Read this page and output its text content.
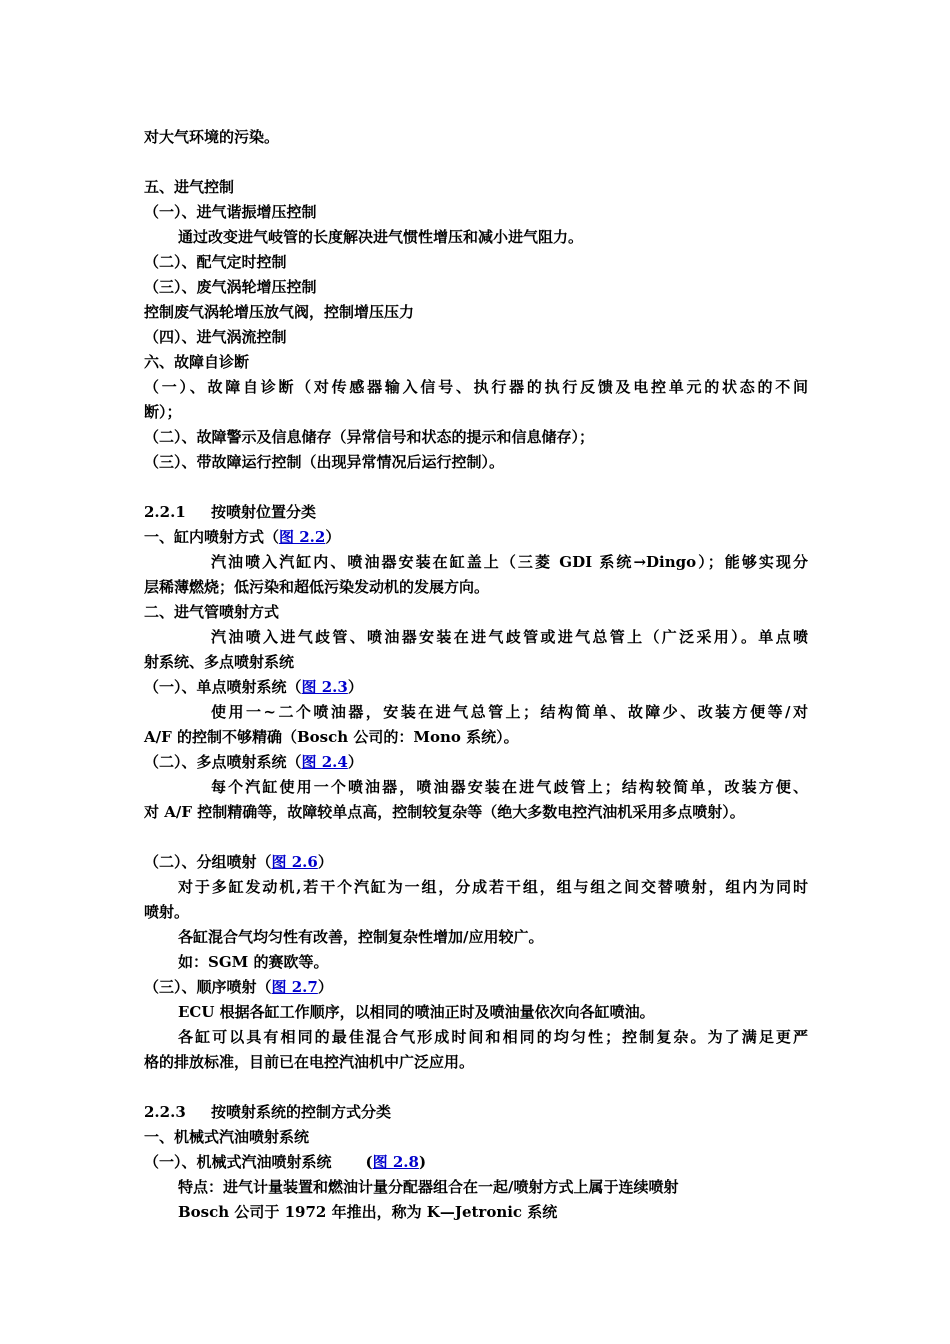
对大气环境的污染。
五、进气控制
（一）、进气谐振增压控制
通过改变进气岐管的长度解决进气惯性增压和减小进气阻力。
（二）、配气定时控制
（三）、废气涡轮增压控制
控制废气涡轮增压放气阀，控制增压压力
（四）、进气涡流控制
六、故障自诊断
（一）、故障自诊断（对传感器输入信号、执行器的执行反馈及电控单元的状态的不间
断）；
（二）、故障警示及信息储存（异常信号和状态的提示和信息储存）；
（三）、带故障运行控制（出现异常情况后运行控制）。
2.2.1 按喷射位置分类
一、缸内喷射方式（图 2.2）
汽油喷入汽缸内、喷油器安装在缸盖上（三菱 GDI 系统→Dingo）；能够实现分
层稀薄燃烧；低污染和超低污染发动机的发展方向。
二、进气管喷射方式
汽油喷入进气歧管、喷油器安装在进气歧管或进气总管上（广泛采用）。单点喷
射系统、多点喷射系统
（一）、单点喷射系统（图 2.3）
使用一~二个喷油器，安装在进气总管上；结构简单、故障少、改装方便等/对
A/F 的控制不够精确（Bosch 公司的：Mono 系统）。
（二）、多点喷射系统（图 2.4）
每个汽缸使用一个喷油器，喷油器安装在进气歧管上；结构较简单，改装方便、
对 A/F 控制精确等，故障较单点高，控制较复杂等（绝大多数电控汽油机采用多点喷射）。
（二）、分组喷射（图 2.6）
对于多缸发动机,若干个汽缸为一组，分成若干组，组与组之间交替喷射，组内为同时
喷射。
各缸混合气均匀性有改善，控制复杂性增加/应用较广。
如：SGM 的赛欧等。
（三）、顺序喷射（图 2.7）
ECU 根据各缸工作顺序，以相同的喷油正时及喷油量依次向各缸喷油。
各缸可以具有相同的最佳混合气形成时间和相同的均匀性；控制复杂。为了满足更严
格的排放标准，目前已在电控汽油机中广泛应用。
2.2.3 按喷射系统的控制方式分类
一、机械式汽油喷射系统
（一）、机械式汽油喷射系统 (图 2.8)
特点：进气计量装置和燃油计量分配器组合在一起/喷射方式上属于连续喷射
Bosch 公司于 1972 年推出，称为 K—Jetronic 系统
